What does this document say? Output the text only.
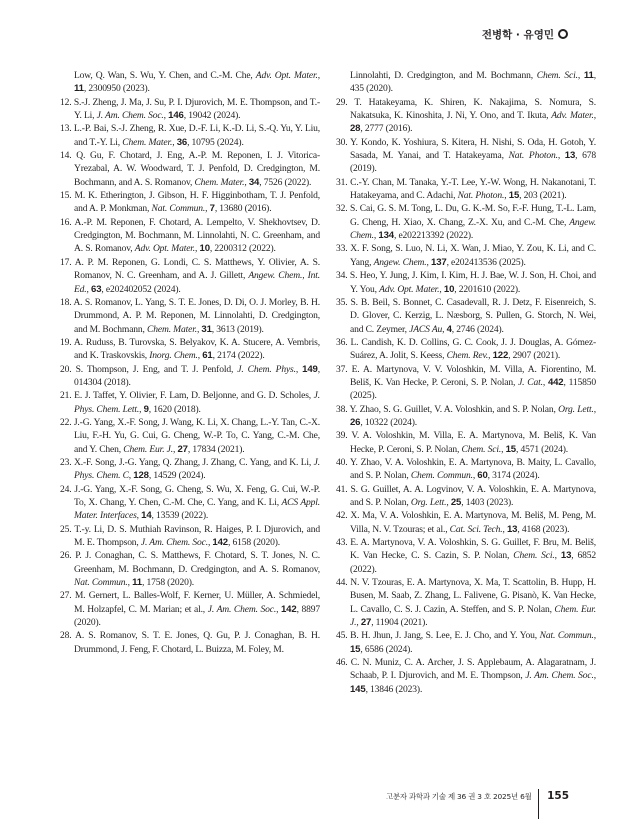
전병학 · 유영민

Low, Q. Wan, S. Wu, Y. Chen, and C.-M. Che, Adv. Opt. Mater., 11, 2300950 (2023).

12. S.-J. Zheng, J. Ma, J. Su, P. I. Djurovich, M. E. Thompson, and T.-Y. Li, J. Am. Chem. Soc., 146, 19042 (2024).

13. L.-P. Bai, S.-J. Zheng, R. Xue, D.-F. Li, K.-D. Li, S.-Q. Yu, Y. Liu, and T.-Y. Li, Chem. Mater., 36, 10795 (2024).

14. Q. Gu, F. Chotard, J. Eng, A.-P. M. Reponen, I. J. Vitorica-Yrezabal, A. W. Woodward, T. J. Penfold, D. Credgington, M. Bochmann, and A. S. Romanov, Chem. Mater., 34, 7526 (2022).

15. M. K. Etherington, J. Gibson, H. F. Higginbotham, T. J. Penfold, and A. P. Monkman, Nat. Commun., 7, 13680 (2016).

16. A.-P. M. Reponen, F. Chotard, A. Lempelto, V. Shekhovtsev, D. Credgington, M. Bochmann, M. Linnolahti, N. C. Greenham, and A. S. Romanov, Adv. Opt. Mater., 10, 2200312 (2022).

17. A. P. M. Reponen, G. Londi, C. S. Matthews, Y. Olivier, A. S. Romanov, N. C. Greenham, and A. J. Gillett, Angew. Chem., Int. Ed., 63, e202402052 (2024).

18. A. S. Romanov, L. Yang, S. T. E. Jones, D. Di, O. J. Morley, B. H. Drummond, A. P. M. Reponen, M. Linnolahti, D. Credgington, and M. Bochmann, Chem. Mater., 31, 3613 (2019).

19. A. Ruduss, B. Turovska, S. Belyakov, K. A. Stucere, A. Vembris, and K. Traskovskis, Inorg. Chem., 61, 2174 (2022).

20. S. Thompson, J. Eng, and T. J. Penfold, J. Chem. Phys., 149, 014304 (2018).

21. E. J. Taffet, Y. Olivier, F. Lam, D. Beljonne, and G. D. Scholes, J. Phys. Chem. Lett., 9, 1620 (2018).

22. J.-G. Yang, X.-F. Song, J. Wang, K. Li, X. Chang, L.-Y. Tan, C.-X. Liu, F.-H. Yu, G. Cui, G. Cheng, W.-P. To, C. Yang, C.-M. Che, and Y. Chen, Chem. Eur. J., 27, 17834 (2021).

23. X.-F. Song, J.-G. Yang, Q. Zhang, J. Zhang, C. Yang, and K. Li, J. Phys. Chem. C, 128, 14529 (2024).

24. J.-G. Yang, X.-F. Song, G. Cheng, S. Wu, X. Feng, G. Cui, W.-P. To, X. Chang, Y. Chen, C.-M. Che, C. Yang, and K. Li, ACS Appl. Mater. Interfaces, 14, 13539 (2022).

25. T.-y. Li, D. S. Muthiah Ravinson, R. Haiges, P. I. Djurovich, and M. E. Thompson, J. Am. Chem. Soc., 142, 6158 (2020).

26. P. J. Conaghan, C. S. Matthews, F. Chotard, S. T. Jones, N. C. Greenham, M. Bochmann, D. Credgington, and A. S. Romanov, Nat. Commun., 11, 1758 (2020).

27. M. Gernert, L. Balles-Wolf, F. Kerner, U. Müller, A. Schmiedel, M. Holzapfel, C. M. Marian; et al., J. Am. Chem. Soc., 142, 8897 (2020).

28. A. S. Romanov, S. T. E. Jones, Q. Gu, P. J. Conaghan, B. H. Drummond, J. Feng, F. Chotard, L. Buizza, M. Foley, M.

Linnolahti, D. Credgington, and M. Bochmann, Chem. Sci., 11, 435 (2020).

29. T. Hatakeyama, K. Shiren, K. Nakajima, S. Nomura, S. Nakatsuka, K. Kinoshita, J. Ni, Y. Ono, and T. Ikuta, Adv. Mater., 28, 2777 (2016).

30. Y. Kondo, K. Yoshiura, S. Kitera, H. Nishi, S. Oda, H. Gotoh, Y. Sasada, M. Yanai, and T. Hatakeyama, Nat. Photon., 13, 678 (2019).

31. C.-Y. Chan, M. Tanaka, Y.-T. Lee, Y.-W. Wong, H. Nakanotani, T. Hatakeyama, and C. Adachi, Nat. Photon., 15, 203 (2021).

32. S. Cai, G. S. M. Tong, L. Du, G. K.-M. So, F.-F. Hung, T.-L. Lam, G. Cheng, H. Xiao, X. Chang, Z.-X. Xu, and C.-M. Che, Angew. Chem., 134, e202213392 (2022).

33. X. F. Song, S. Luo, N. Li, X. Wan, J. Miao, Y. Zou, K. Li, and C. Yang, Angew. Chem., 137, e202413536 (2025).

34. S. Heo, Y. Jung, J. Kim, I. Kim, H. J. Bae, W. J. Son, H. Choi, and Y. You, Adv. Opt. Mater., 10, 2201610 (2022).

35. S. B. Beil, S. Bonnet, C. Casadevall, R. J. Detz, F. Eisenreich, S. D. Glover, C. Kerzig, L. Næsborg, S. Pullen, G. Storch, N. Wei, and C. Zeymer, JACS Au, 4, 2746 (2024).

36. L. Candish, K. D. Collins, G. C. Cook, J. J. Douglas, A. Gómez-Suárez, A. Jolit, S. Keess, Chem. Rev., 122, 2907 (2021).

37. E. A. Martynova, V. V. Voloshkin, M. Villa, A. Fiorentino, M. Beliš, K. Van Hecke, P. Ceroni, S. P. Nolan, J. Cat., 442, 115850 (2025).

38. Y. Zhao, S. G. Guillet, V. A. Voloshkin, and S. P. Nolan, Org. Lett., 26, 10322 (2024).

39. V. A. Voloshkin, M. Villa, E. A. Martynova, M. Beliš, K. Van Hecke, P. Ceroni, S. P. Nolan, Chem. Sci., 15, 4571 (2024).

40. Y. Zhao, V. A. Voloshkin, E. A. Martynova, B. Maity, L. Cavallo, and S. P. Nolan, Chem. Commun., 60, 3174 (2024).

41. S. G. Guillet, A. A. Logvinov, V. A. Voloshkin, E. A. Martynova, and S. P. Nolan, Org. Lett., 25, 1403 (2023).

42. X. Ma, V. A. Voloshkin, E. A. Martynova, M. Beliš, M. Peng, M. Villa, N. V. Tzouras; et al., Cat. Sci. Tech., 13, 4168 (2023).

43. E. A. Martynova, V. A. Voloshkin, S. G. Guillet, F. Bru, M. Beliš, K. Van Hecke, C. S. Cazin, S. P. Nolan, Chem. Sci., 13, 6852 (2022).

44. N. V. Tzouras, E. A. Martynova, X. Ma, T. Scattolin, B. Hupp, H. Busen, M. Saab, Z. Zhang, L. Falivene, G. Pisanò, K. Van Hecke, L. Cavallo, C. S. J. Cazin, A. Steffen, and S. P. Nolan, Chem. Eur. J., 27, 11904 (2021).

45. B. H. Jhun, J. Jang, S. Lee, E. J. Cho, and Y. You, Nat. Commun., 15, 6586 (2024).

46. C. N. Muniz, C. A. Archer, J. S. Applebaum, A. Alagaratnam, J. Schaab, P. I. Djurovich, and M. E. Thompson, J. Am. Chem. Soc., 145, 13846 (2023).

고분자 과학과 기술 제 36 권 3 호 2025년 6월 155
